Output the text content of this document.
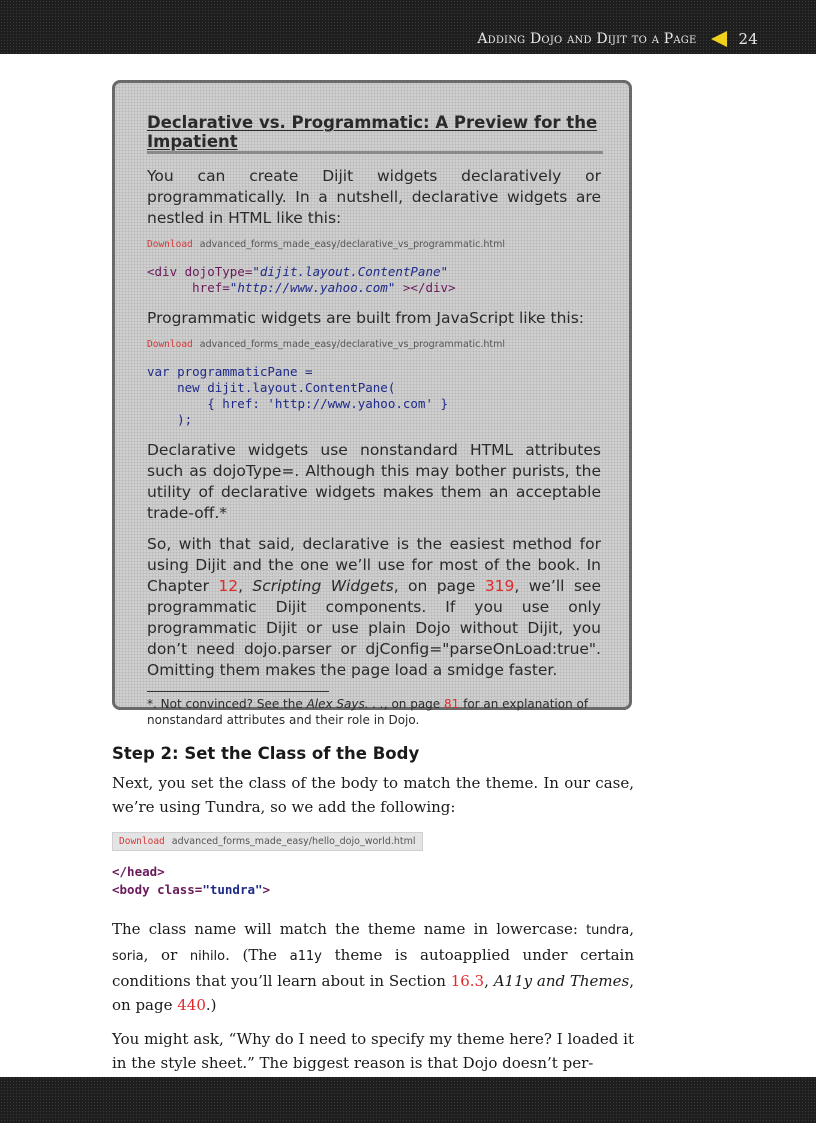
Adding Dojo and Dijit to a Page	24
Declarative vs. Programmatic: A Preview for the Impatient

You can create Dijit widgets declaratively or programmatically. In a nutshell, declarative widgets are nestled in HTML like this:

Download advanced_forms_made_easy/declarative_vs_programmatic.html
<div dojoType="dijit.layout.ContentPane"
href="http://www.yahoo.com" ></div>

Programmatic widgets are built from JavaScript like this:

Download advanced_forms_made_easy/declarative_vs_programmatic.html
var programmaticPane =
new dijit.layout.ContentPane(
{ href: 'http://www.yahoo.com' }
);

Declarative widgets use nonstandard HTML attributes such as dojoType=. Although this may bother purists, the utility of declarative widgets makes them an acceptable trade-off.*

So, with that said, declarative is the easiest method for using Dijit and the one we’ll use for most of the book. In Chapter 12, Scripting Widgets, on page 319, we’ll see programmatic Dijit components. If you use only programmatic Dijit or use plain Dojo without Dijit, you don’t need dojo.parser or djConfig="parseOnLoad:true". Omitting them makes the page load a smidge faster.

*. Not convinced? See the Alex Says. . ., on page 81 for an explanation of nonstandard attributes and their role in Dojo.

Step 2: Set the Class of the Body

Next, you set the class of the body to match the theme. In our case, we’re using Tundra, so we add the following:

Download advanced_forms_made_easy/hello_dojo_world.html
</head>
<body class="tundra">

The class name will match the theme name in lowercase: tundra, soria, or nihilo. (The a11y theme is autoapplied under certain conditions that you’ll learn about in Section 16.3, A11y and Themes, on page 440.)

You might ask, “Why do I need to specify my theme here? I loaded it in the style sheet.” The biggest reason is that Dojo doesn’t per-
